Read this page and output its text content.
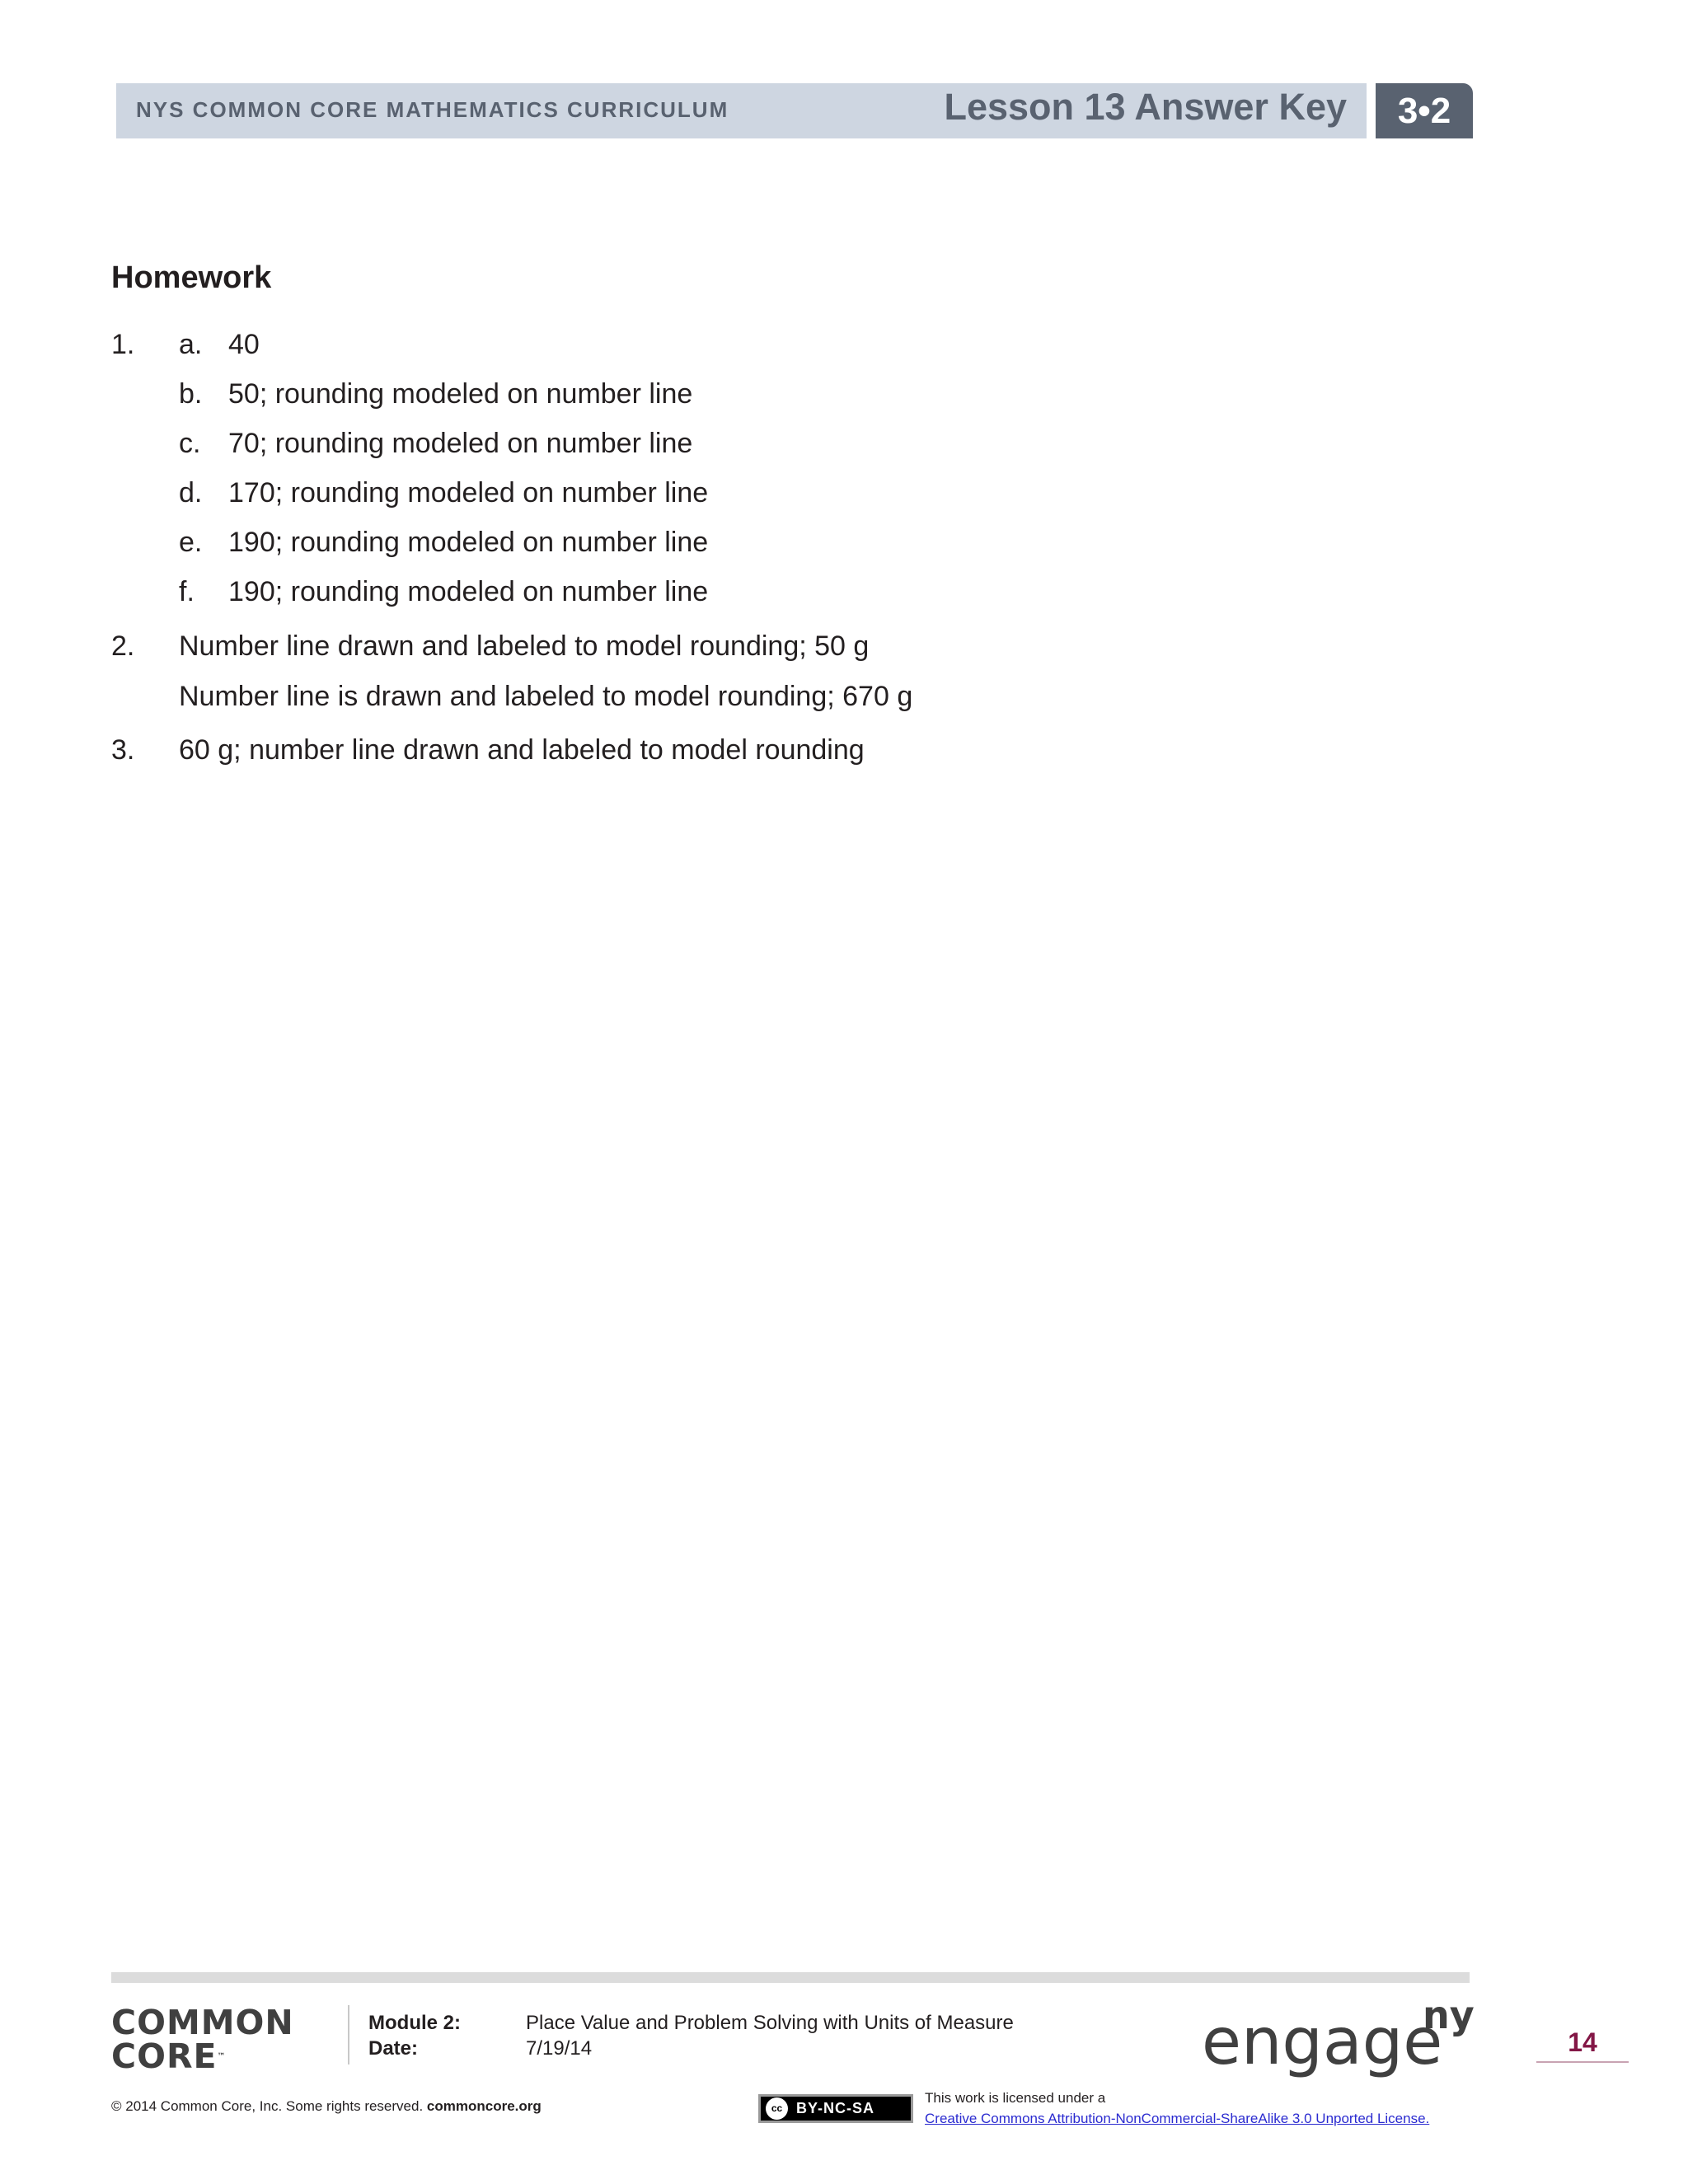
NYS COMMON CORE MATHEMATICS CURRICULUM	Lesson 13 Answer Key	3•2
Homework
1. a. 40
b. 50; rounding modeled on number line
c. 70; rounding modeled on number line
d. 170; rounding modeled on number line
e. 190; rounding modeled on number line
f. 190; rounding modeled on number line
2. Number line drawn and labeled to model rounding; 50 g
Number line is drawn and labeled to model rounding; 670 g
3. 60 g; number line drawn and labeled to model rounding
COMMON
CORE™
Module 2:	Place Value and Problem Solving with Units of Measure
Date:	7/19/14	engage
ny
14
© 2014 Common Core, Inc. Some rights reserved. commoncore.org	cc BY-NC-SA
This work is licensed under a
Creative Commons Attribution-NonCommercial-ShareAlike 3.0 Unported License.
